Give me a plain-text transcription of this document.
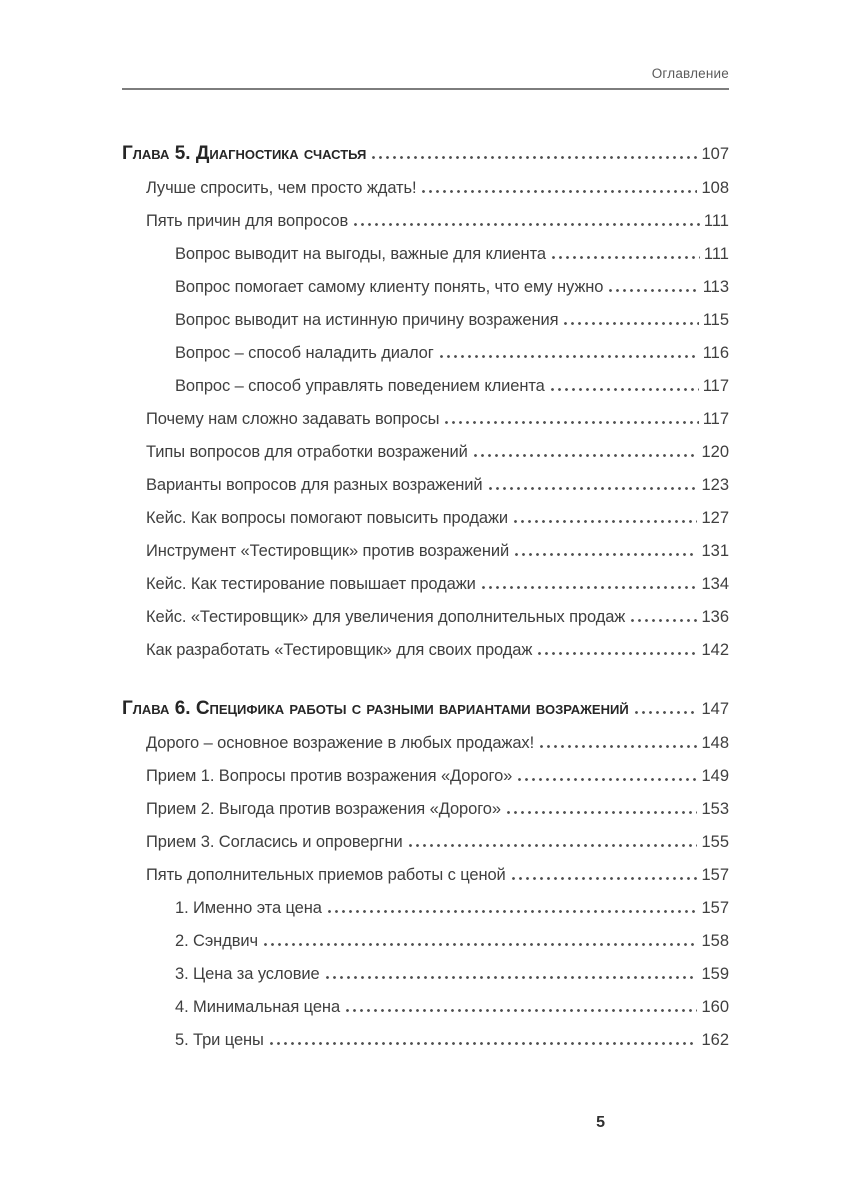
Оглавление
Глава 5. Диагностика счастья	107
Лучше спросить, чем просто ждать!	108
Пять причин для вопросов	111
Вопрос выводит на выгоды, важные для клиента	111
Вопрос помогает самому клиенту понять, что ему нужно	113
Вопрос выводит на истинную причину возражения	115
Вопрос – способ наладить диалог	116
Вопрос – способ управлять поведением клиента	117
Почему нам сложно задавать вопросы	117
Типы вопросов для отработки возражений	120
Варианты вопросов для разных возражений	123
Кейс. Как вопросы помогают повысить продажи	127
Инструмент «Тестировщик» против возражений	131
Кейс. Как тестирование повышает продажи	134
Кейс. «Тестировщик» для увеличения дополнительных продаж	136
Как разработать «Тестировщик» для своих продаж	142
Глава 6. Специфика работы с разными вариантами возражений	147
Дорого – основное возражение в любых продажах!	148
Прием 1. Вопросы против возражения «Дорого»	149
Прием 2. Выгода против возражения «Дорого»	153
Прием 3. Согласись и опровергни	155
Пять дополнительных приемов работы с ценой	157
1. Именно эта цена	157
2. Сэндвич	158
3. Цена за условие	159
4. Минимальная цена	160
5. Три цены	162
5
